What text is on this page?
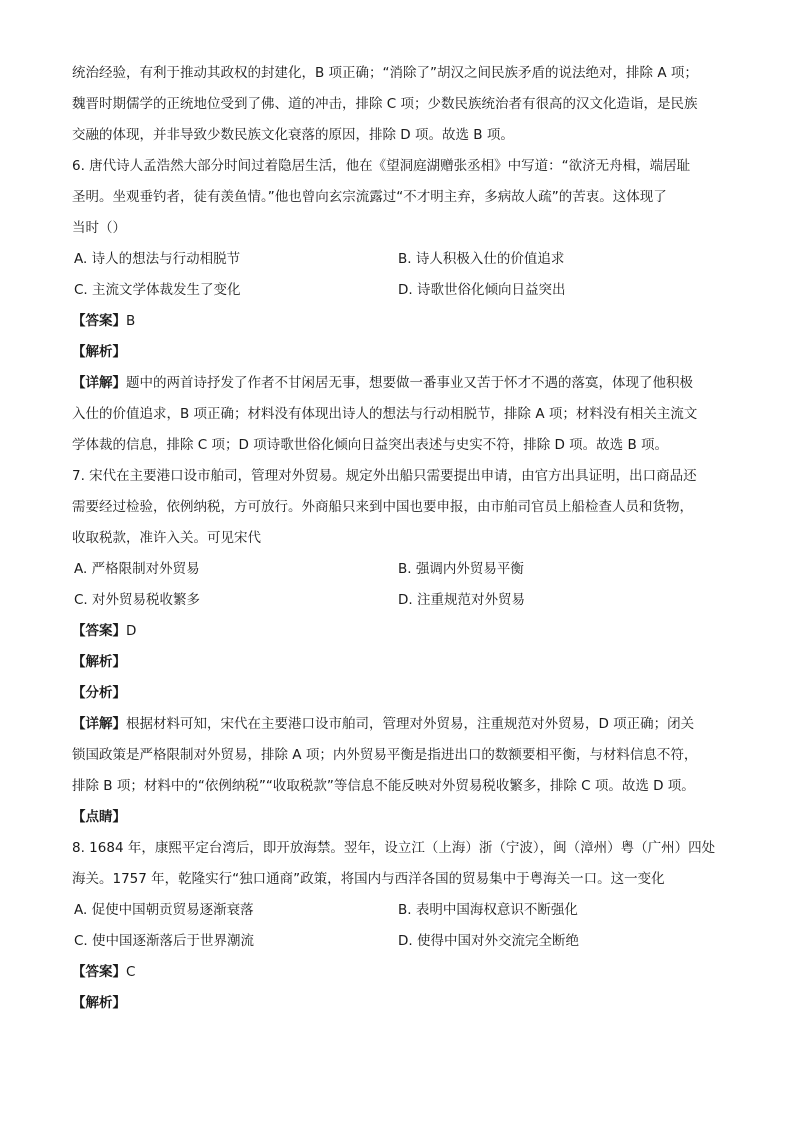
统治经验，有利于推动其政权的封建化，B 项正确；“消除了”胡汉之间民族矛盾的说法绝对，排除 A 项；
魏晋时期儒学的正统地位受到了佛、道的冲击，排除 C 项；少数民族统治者有很高的汉文化造诣，是民族
交融的体现，并非导致少数民族文化衰落的原因，排除 D 项。故选 B 项。
6. 唐代诗人孟浩然大部分时间过着隐居生活，他在《望洞庭湖赠张丞相》中写道：“欲济无舟楫，端居耻
圣明。坐观垂钓者，徒有羡鱼情。”他也曾向玄宗流露过“不才明主弃，多病故人疏”的苦衷。这体现了
当时（）
A. 诗人的想法与行动相脱节	B. 诗人积极入仕的价值追求
C. 主流文学体裁发生了变化	D. 诗歌世俗化倾向日益突出
【答案】B
【解析】
【详解】题中的两首诗抒发了作者不甘闲居无事，想要做一番事业又苦于怀才不遇的落寞，体现了他积极
入仕的价值追求，B 项正确；材料没有体现出诗人的想法与行动相脱节，排除 A 项；材料没有相关主流文
学体裁的信息，排除 C 项；D 项诗歌世俗化倾向日益突出表述与史实不符，排除 D 项。故选 B 项。
7. 宋代在主要港口设市舶司，管理对外贸易。规定外出船只需要提出申请，由官方出具证明，出口商品还
需要经过检验，依例纳税，方可放行。外商船只来到中国也要申报，由市舶司官员上船检查人员和货物，
收取税款，准许入关。可见宋代
A. 严格限制对外贸易	B. 强调内外贸易平衡
C. 对外贸易税收繁多	D. 注重规范对外贸易
【答案】D
【解析】
【分析】
【详解】根据材料可知，宋代在主要港口设市舶司，管理对外贸易，注重规范对外贸易，D 项正确；闭关
锁国政策是严格限制对外贸易，排除 A 项；内外贸易平衡是指进出口的数额要相平衡，与材料信息不符，
排除 B 项；材料中的“依例纳税”“收取税款”等信息不能反映对外贸易税收繁多，排除 C 项。故选 D 项。
【点睛】
8. 1684 年，康熙平定台湾后，即开放海禁。翌年，设立江（上海）浙（宁波），闽（漳州）粤（广州）四处
海关。1757 年，乾隆实行“独口通商”政策，将国内与西洋各国的贸易集中于粤海关一口。这一变化
A. 促使中国朝贡贸易逐渐衰落	B. 表明中国海权意识不断强化
C. 使中国逐渐落后于世界潮流	D. 使得中国对外交流完全断绝
【答案】C
【解析】
